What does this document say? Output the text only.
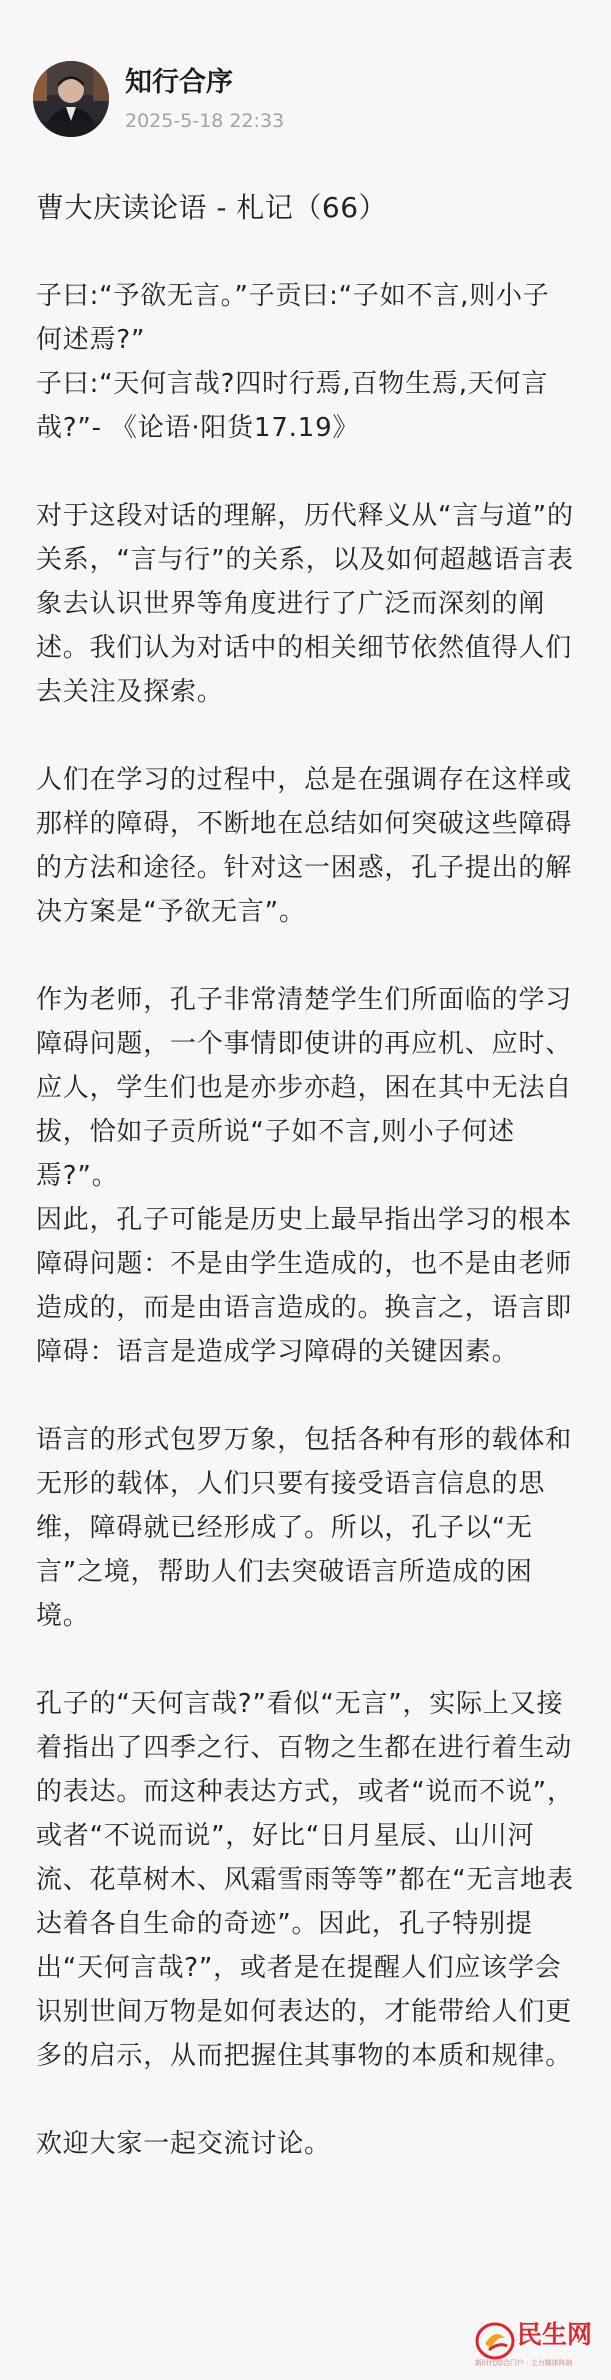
知行合序
2025-5-18 22:33
曹大庆读论语 - 札记（66）
子曰:“予欲无言。”子贡曰:“子如不言,则小子何述焉?”
子曰:“天何言哉?四时行焉,百物生焉,天何言哉?”- 《论语·阳货17.19》
对于这段对话的理解，历代释义从“言与道”的关系，“言与行”的关系，以及如何超越语言表象去认识世界等角度进行了广泛而深刻的阐述。我们认为对话中的相关细节依然值得人们去关注及探索。
人们在学习的过程中，总是在强调存在这样或那样的障碍，不断地在总结如何突破这些障碍的方法和途径。针对这一困惑，孔子提出的解决方案是“予欲无言”。
作为老师，孔子非常清楚学生们所面临的学习障碍问题，一个事情即使讲的再应机、应时、应人，学生们也是亦步亦趋，困在其中无法自拔，恰如子贡所说“子如不言,则小子何述焉?”。
因此，孔子可能是历史上最早指出学习的根本障碍问题：不是由学生造成的，也不是由老师造成的，而是由语言造成的。换言之，语言即障碍：语言是造成学习障碍的关键因素。
语言的形式包罗万象，包括各种有形的载体和无形的载体，人们只要有接受语言信息的思维，障碍就已经形成了。所以，孔子以“无言”之境，帮助人们去突破语言所造成的困境。
孔子的“天何言哉?”看似“无言”，实际上又接着指出了四季之行、百物之生都在进行着生动的表达。而这种表达方式，或者“说而不说”，或者“不说而说”，好比“日月星辰、山川河流、花草树木、风霜雪雨等等”都在“无言地表达着各自生命的奇迹”。因此，孔子特别提出“天何言哉?”，或者是在提醒人们应该学会识别世间万物是如何表达的，才能带给人们更多的启示，从而把握住其事物的本质和规律。
欢迎大家一起交流讨论。
民生网
新时代综合门户 · 主力媒体阵地
